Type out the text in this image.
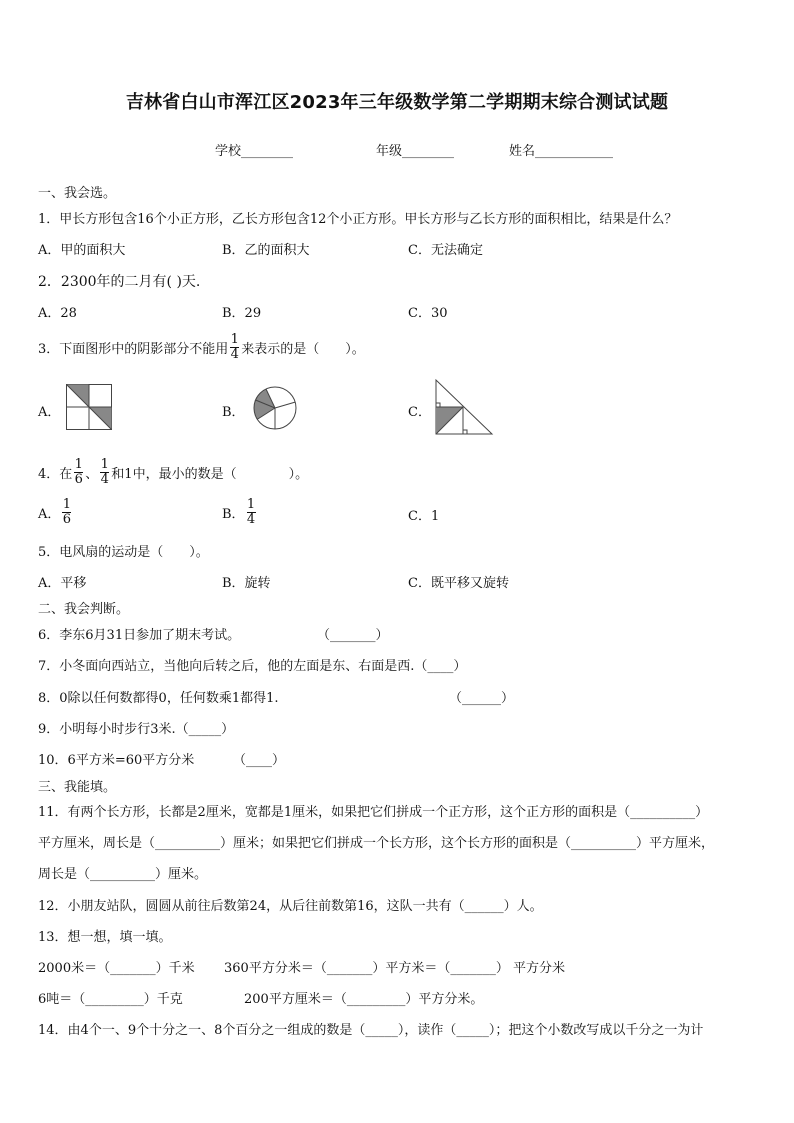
吉林省白山市浑江区2023年三年级数学第二学期期末综合测试试题
学校________	年级________	姓名____________
一、我会选。
1．甲长方形包含16个小正方形，乙长方形包含12个小正方形。甲长方形与乙长方形的面积相比，结果是什么？
A．甲的面积大	B．乙的面积大	C．无法确定
2．2300年的二月有( )天.
A．28	B．29	C．30
3．下面图形中的阴影部分不能用 $\frac{1}{4}$ 来表示的是（　　）。
A．	B．	C．
4．在 $\frac{1}{6}$ 、 $\frac{1}{4}$ 和1中，最小的数是（　　　　）。
A． $\frac{1}{6}$	B． $\frac{1}{4}$	C．1
5．电风扇的运动是（　　）。
A．平移	B．旋转	C．既平移又旋转
二、我会判断。
6．李东6月31日参加了期末考试。	（_______）
7．小冬面向西站立，当他向后转之后，他的左面是东、右面是西.（____）
8．0除以任何数都得0，任何数乘1都得1.	（______）
9．小明每小时步行3米.（_____）
10．6平方米=60平方分米	（____）
三、我能填。
11．有两个长方形，长都是2厘米，宽都是1厘米，如果把它们拼成一个正方形，这个正方形的面积是（__________）
平方厘米，周长是（__________）厘米；如果把它们拼成一个长方形，这个长方形的面积是（__________）平方厘米，
周长是（__________）厘米。
12．小朋友站队，圆圆从前往后数第24，从后往前数第16，这队一共有（______）人。
13．想一想，填一填。
2000米＝（_______）千米 360平方分米＝（_______）平方米＝（_______） 平方分米
6吨＝（_________）千克	200平方厘米＝（_________）平方分米。
14．由4个一、9个十分之一、8个百分之一组成的数是（_____），读作（_____）；把这个小数改写成以千分之一为计
